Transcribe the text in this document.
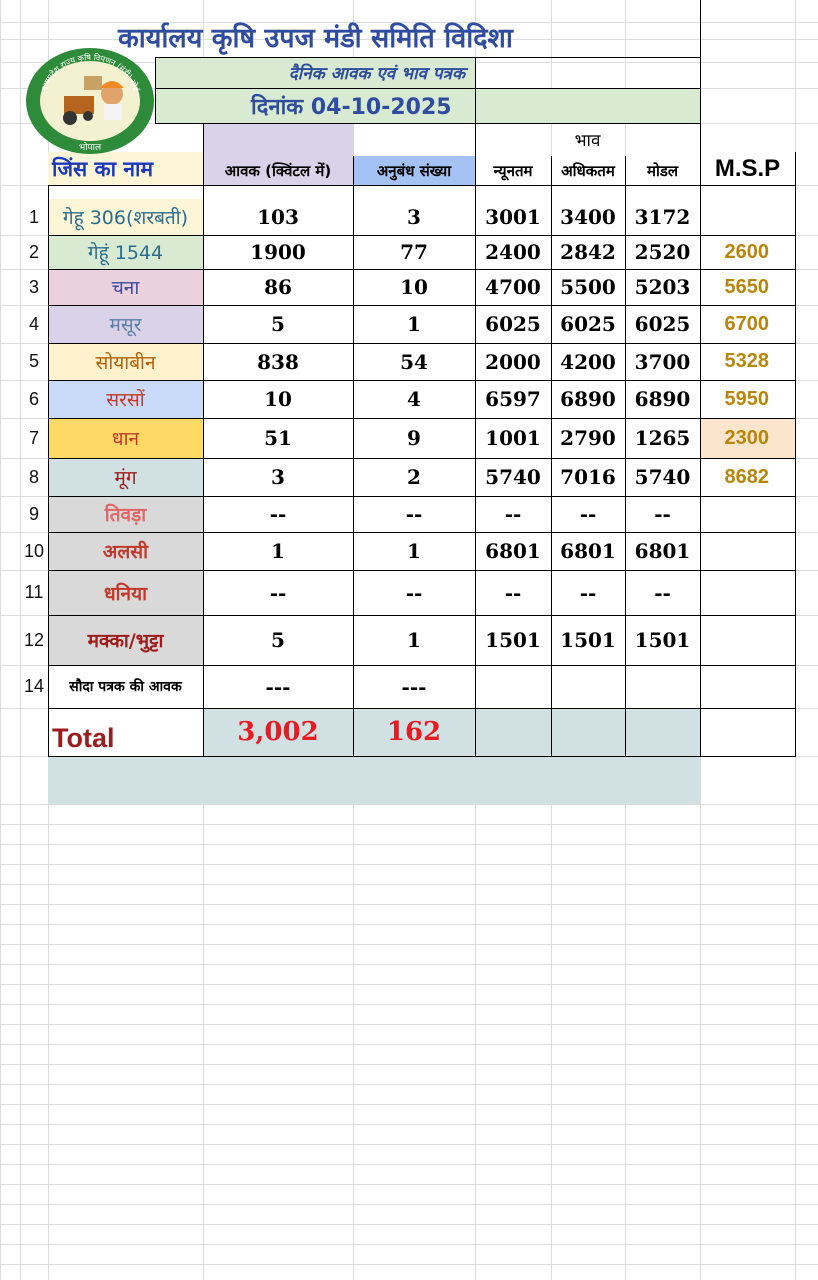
कार्यालय कृषि उपज मंडी समिति विदिशा
दैनिक आवक एवं भाव पत्रक
दिनांक 04-10-2025
भाव
जिंस का नाम	आवक (क्विंटल में)	अनुबंध संख्या	न्यूनतम	अधिकतम	मोडल	M.S.P
1	गेहू 306(शरबती)	103	3	3001 3400 3172
2	गेहूं 1544	1900	77	2400 2842 2520	2600
3	चना	86	10	4700 5500 5203	5650
4	मसूर	5	1	6025 6025 6025	6700
5	सोयाबीन	838	54	2000 4200 3700	5328
6	सरसों	10	4	6597 6890 6890	5950
7	धान	51	9	1001 2790 1265	2300
8	मूंग	3	2	5740 7016 5740	8682
9	तिवड़ा	--	--	--	--	--
10	अलसी	1	1	6801 6801 6801
11	धनिया	--	--	--	--	--
12	मक्का/भुट्टा	5	1	1501 1501 1501
14	सौदा पत्रक की आवक	---	---
Total	3,002	162
मध्यप्रदेश राज्य कृषि विपणन (मंडी) बोर्ड
भोपाल
